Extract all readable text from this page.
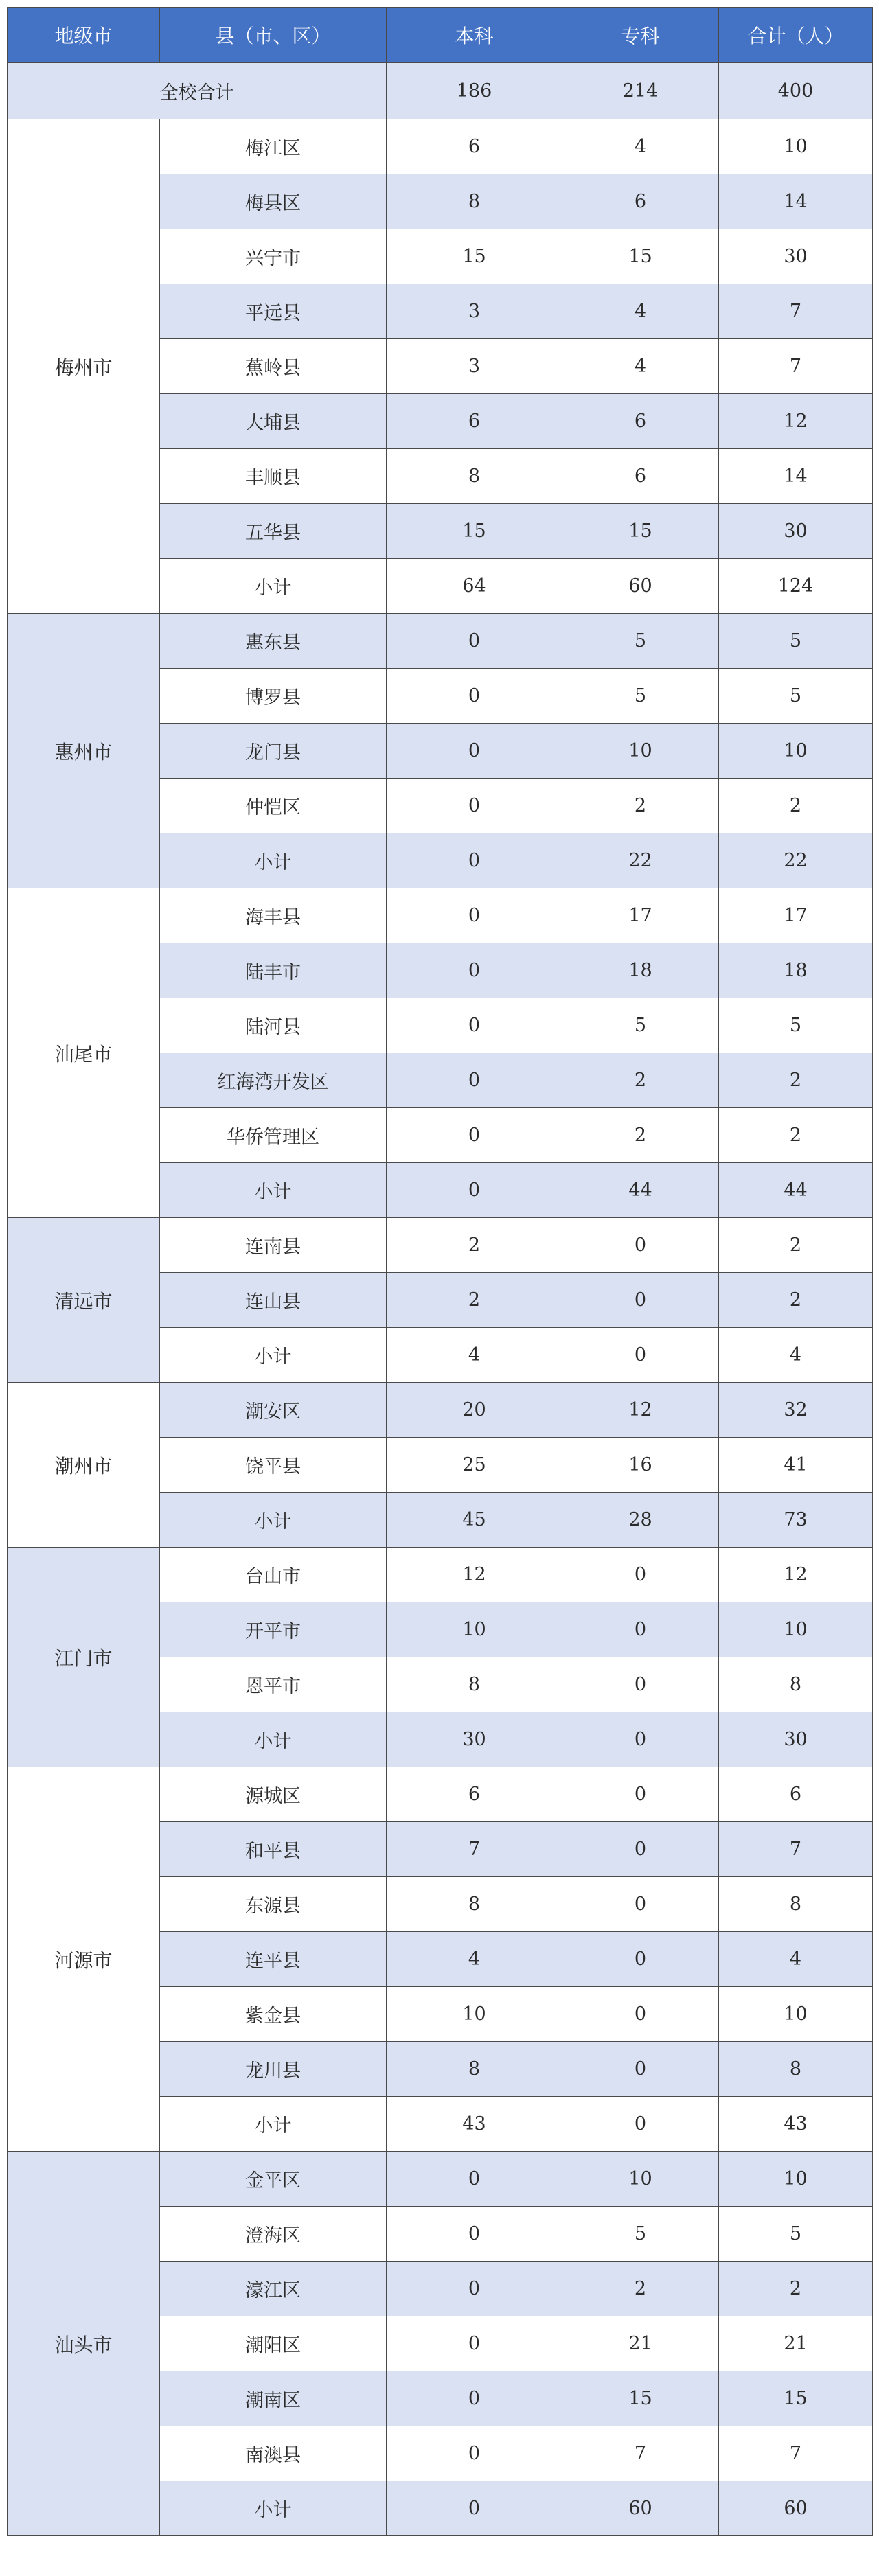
地级市	县（市、区）	本科	专科	合计（人）
全校合计		186	214	400
梅州市	梅江区	6	4	10
	梅县区	8	6	14
	兴宁市	15	15	30
	平远县	3	4	7
	蕉岭县	3	4	7
	大埔县	6	6	12
	丰顺县	8	6	14
	五华县	15	15	30
	小计	64	60	124
惠州市	惠东县	0	5	5
	博罗县	0	5	5
	龙门县	0	10	10
	仲恺区	0	2	2
	小计	0	22	22
汕尾市	海丰县	0	17	17
	陆丰市	0	18	18
	陆河县	0	5	5
	红海湾开发区	0	2	2
	华侨管理区	0	2	2
	小计	0	44	44
清远市	连南县	2	0	2
	连山县	2	0	2
	小计	4	0	4
潮州市	潮安区	20	12	32
	饶平县	25	16	41
	小计	45	28	73
江门市	台山市	12	0	12
	开平市	10	0	10
	恩平市	8	0	8
	小计	30	0	30
河源市	源城区	6	0	6
	和平县	7	0	7
	东源县	8	0	8
	连平县	4	0	4
	紫金县	10	0	10
	龙川县	8	0	8
	小计	43	0	43
汕头市	金平区	0	10	10
	澄海区	0	5	5
	濠江区	0	2	2
	潮阳区	0	21	21
	潮南区	0	15	15
	南澳县	0	7	7
	小计	0	60	60
